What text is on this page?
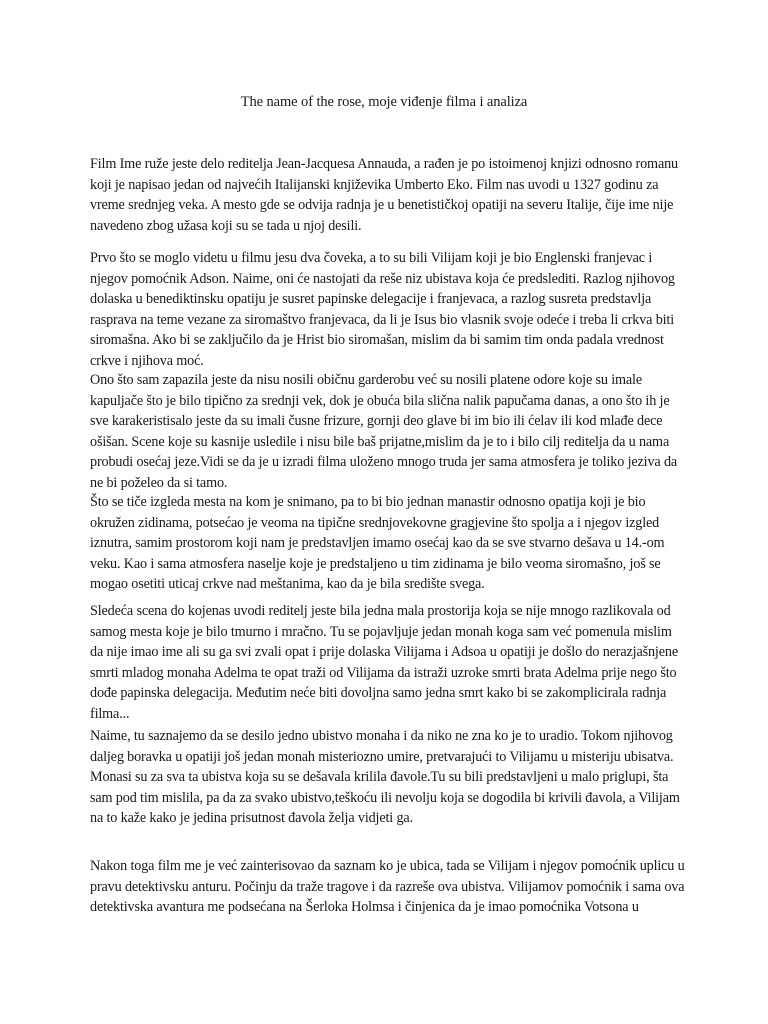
The name of the rose, moje viđenje filma i analiza

Film Ime ruže jeste delo reditelja Jean-Jacquesa Annauda, a rađen je po istoimenoj knjizi odnosno romanu koji je napisao jedan od najvećih Italijanski književika Umberto Eko. Film nas uvodi u 1327 godinu za vreme srednjeg veka. A mesto gde se odvija radnja je u benetističkoj opatiji na severu Italije, čije ime nije navedeno zbog užasa koji su se tada u njoj desili.

Prvo što se moglo videtu u filmu jesu dva čoveka, a to su bili Vilijam koji je bio Englenski franjevac i njegov pomoćnik Adson. Naime, oni će nastojati da reše niz ubistava koja će predslediti. Razlog njihovog dolaska u benediktinsku opatiju je susret papinske delegacije i franjevaca, a razlog susreta predstavlja rasprava na teme vezane za siromaštvo franjevaca, da li je Isus bio vlasnik svoje odeće i treba li crkva biti siromašna. Ako bi se zaključilo da je Hrist bio siromašan, mislim da bi samim tim onda padala vrednost crkve i njihova moć.

Ono što sam zapazila jeste da nisu nosili običnu garderobu već su nosili platene odore koje su imale kapuljače što je bilo tipično za srednji vek, dok je obuća bila slična nalik papučama danas, a ono što ih je sve karakeristisalo jeste da su imali čusne frizure, gornji deo glave bi im bio ili ćelav ili kod mlađe dece ošišan. Scene koje su kasnije usledile i nisu bile baš prijatne,mislim da je to i bilo cilj reditelja da u nama probudi osećaj jeze.Vidi se da je u izradi filma uloženo mnogo truda jer sama atmosfera je toliko jeziva da ne bi poželeo da si tamo.

Što se tiče izgleda mesta na kom je snimano, pa to bi bio jednan manastir odnosno opatija koji je bio okružen zidinama, potsećao je veoma na tipične srednjovekovne gragjevine što spolja a i njegov izgled iznutra, samim prostorom koji nam je predstavljen imamo osećaj kao da se sve stvarno dešava u 14.-om veku. Kao i sama atmosfera naselje koje je predstaljeno u tim zidinama je bilo veoma siromašno, još se mogao osetiti uticaj crkve nad meštanima, kao da je bila središte svega.

Sledeća scena do kojenas uvodi reditelj jeste bila jedna mala prostorija koja se nije mnogo razlikovala od samog mesta koje je bilo tmurno i mračno. Tu se pojavljuje jedan monah koga sam već pomenula mislim da nije imao ime ali su ga svi zvali opat i prije dolaska Vilijama i Adsoa u opatiji je došlo do nerazjašnjene smrti mladog monaha Adelma te opat traži od Vilijama da istraži uzroke smrti brata Adelma prije nego što dođe papinska delegacija. Međutim neće biti dovoljna samo jedna smrt kako bi se zakomplicirala radnja filma...

Naime, tu saznajemo da se desilo jedno ubistvo monaha i da niko ne zna ko je to uradio. Tokom njihovog daljeg boravka u opatiji još jedan monah misteriozno umire, pretvarajući to Vilijamu u misteriju ubisatva. Monasi su za sva ta ubistva koja su se dešavala krilila đavole.Tu su bili predstavljeni u malo priglupi, šta sam pod tim mislila, pa da za svako ubistvo,teškoću ili nevolju koja se dogodila bi krivili đavola, a Vilijam na to kaže kako je jedina prisutnost đavola želja vidjeti ga.

Nakon toga film me je već zainterisovao da saznam ko je ubica, tada se Vilijam i njegov pomoćnik uplicu u pravu detektivsku anturu. Počinju da traže tragove i da razreše ova ubistva. Vilijamov pomoćnik i sama ova detektivska avantura me podsećana na Šerloka Holmsa i činjenica da je imao pomoćnika Votsona u
